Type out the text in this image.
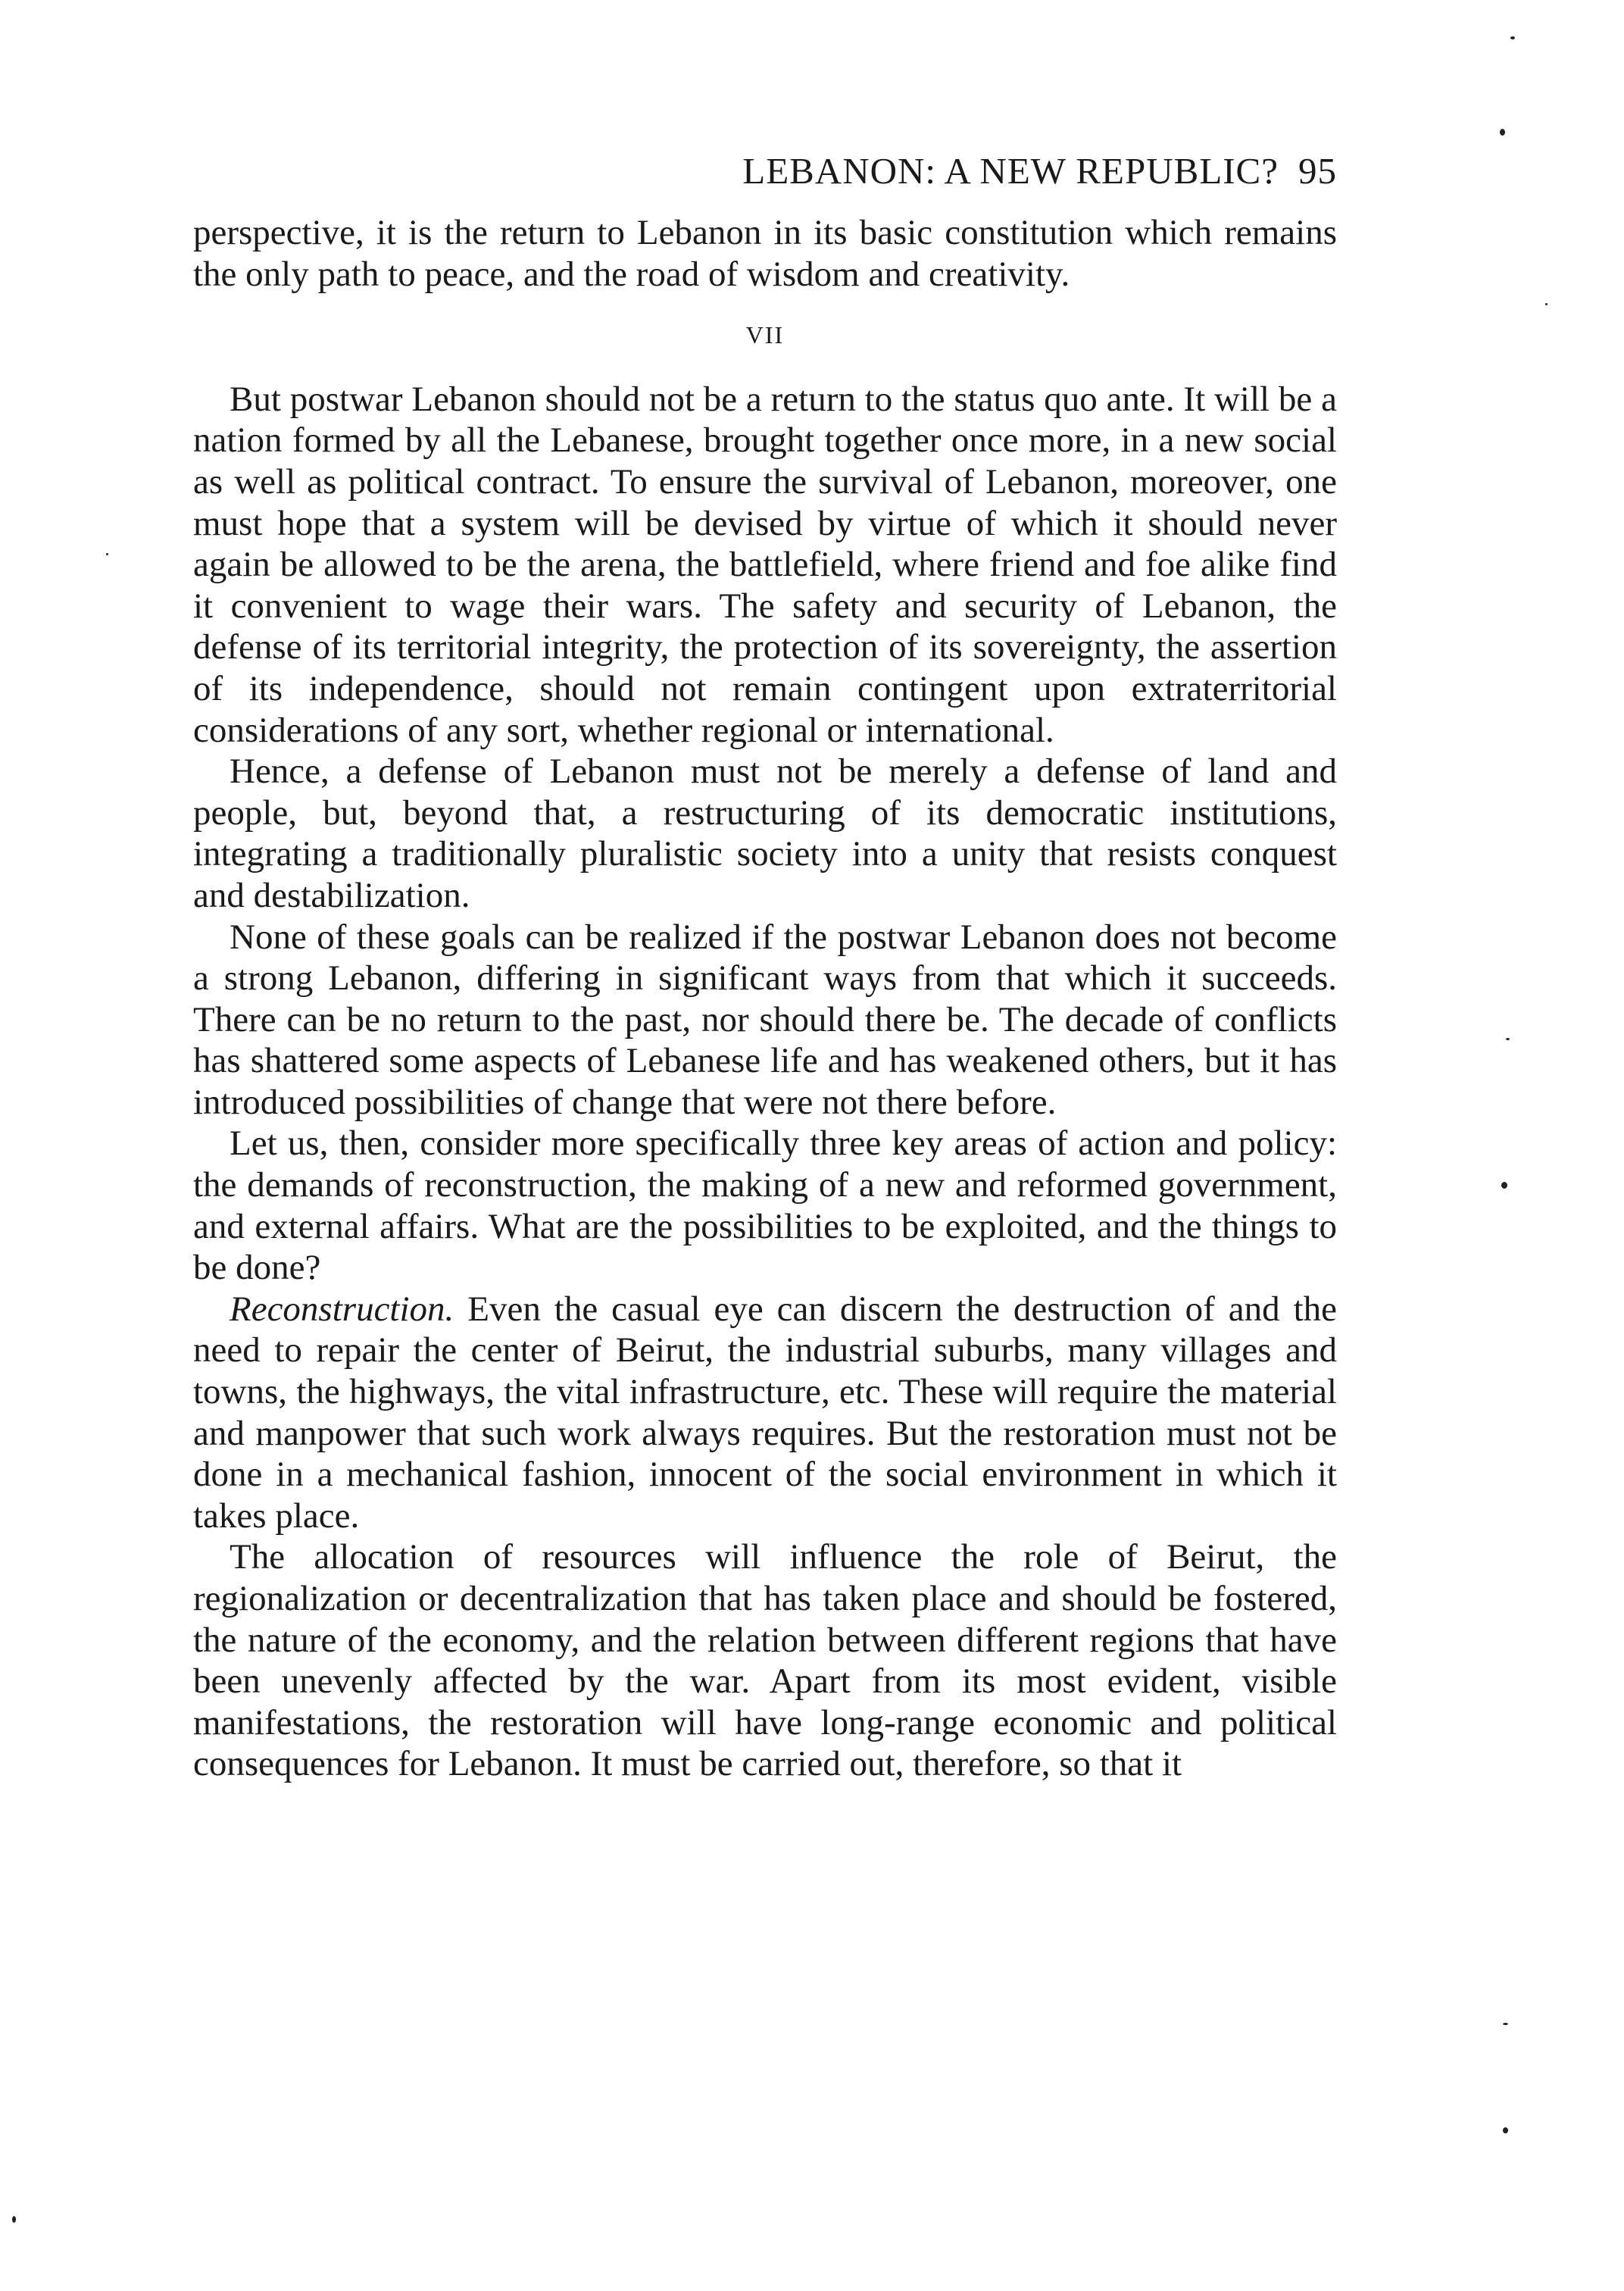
LEBANON: A NEW REPUBLIC? 95

perspective, it is the return to Lebanon in its basic constitution which remains the only path to peace, and the road of wisdom and creativity.

VII

But postwar Lebanon should not be a return to the status quo ante. It will be a nation formed by all the Lebanese, brought together once more, in a new social as well as political contract. To ensure the survival of Lebanon, moreover, one must hope that a system will be devised by virtue of which it should never again be allowed to be the arena, the battlefield, where friend and foe alike find it convenient to wage their wars. The safety and security of Lebanon, the defense of its territorial integrity, the protection of its sovereignty, the assertion of its independence, should not remain contingent upon extraterritorial considerations of any sort, whether regional or international.

Hence, a defense of Lebanon must not be merely a defense of land and people, but, beyond that, a restructuring of its democratic institutions, integrating a traditionally pluralistic society into a unity that resists conquest and destabilization.

None of these goals can be realized if the postwar Lebanon does not become a strong Lebanon, differing in significant ways from that which it succeeds. There can be no return to the past, nor should there be. The decade of conflicts has shattered some aspects of Lebanese life and has weakened others, but it has introduced possibilities of change that were not there before.

Let us, then, consider more specifically three key areas of action and policy: the demands of reconstruction, the making of a new and reformed government, and external affairs. What are the possibilities to be exploited, and the things to be done?

Reconstruction. Even the casual eye can discern the destruction of and the need to repair the center of Beirut, the industrial suburbs, many villages and towns, the highways, the vital infrastructure, etc. These will require the material and manpower that such work always requires. But the restoration must not be done in a mechanical fashion, innocent of the social environment in which it takes place.

The allocation of resources will influence the role of Beirut, the regionalization or decentralization that has taken place and should be fostered, the nature of the economy, and the relation between different regions that have been unevenly affected by the war. Apart from its most evident, visible manifestations, the restoration will have long-range economic and political consequences for Lebanon. It must be carried out, therefore, so that it
